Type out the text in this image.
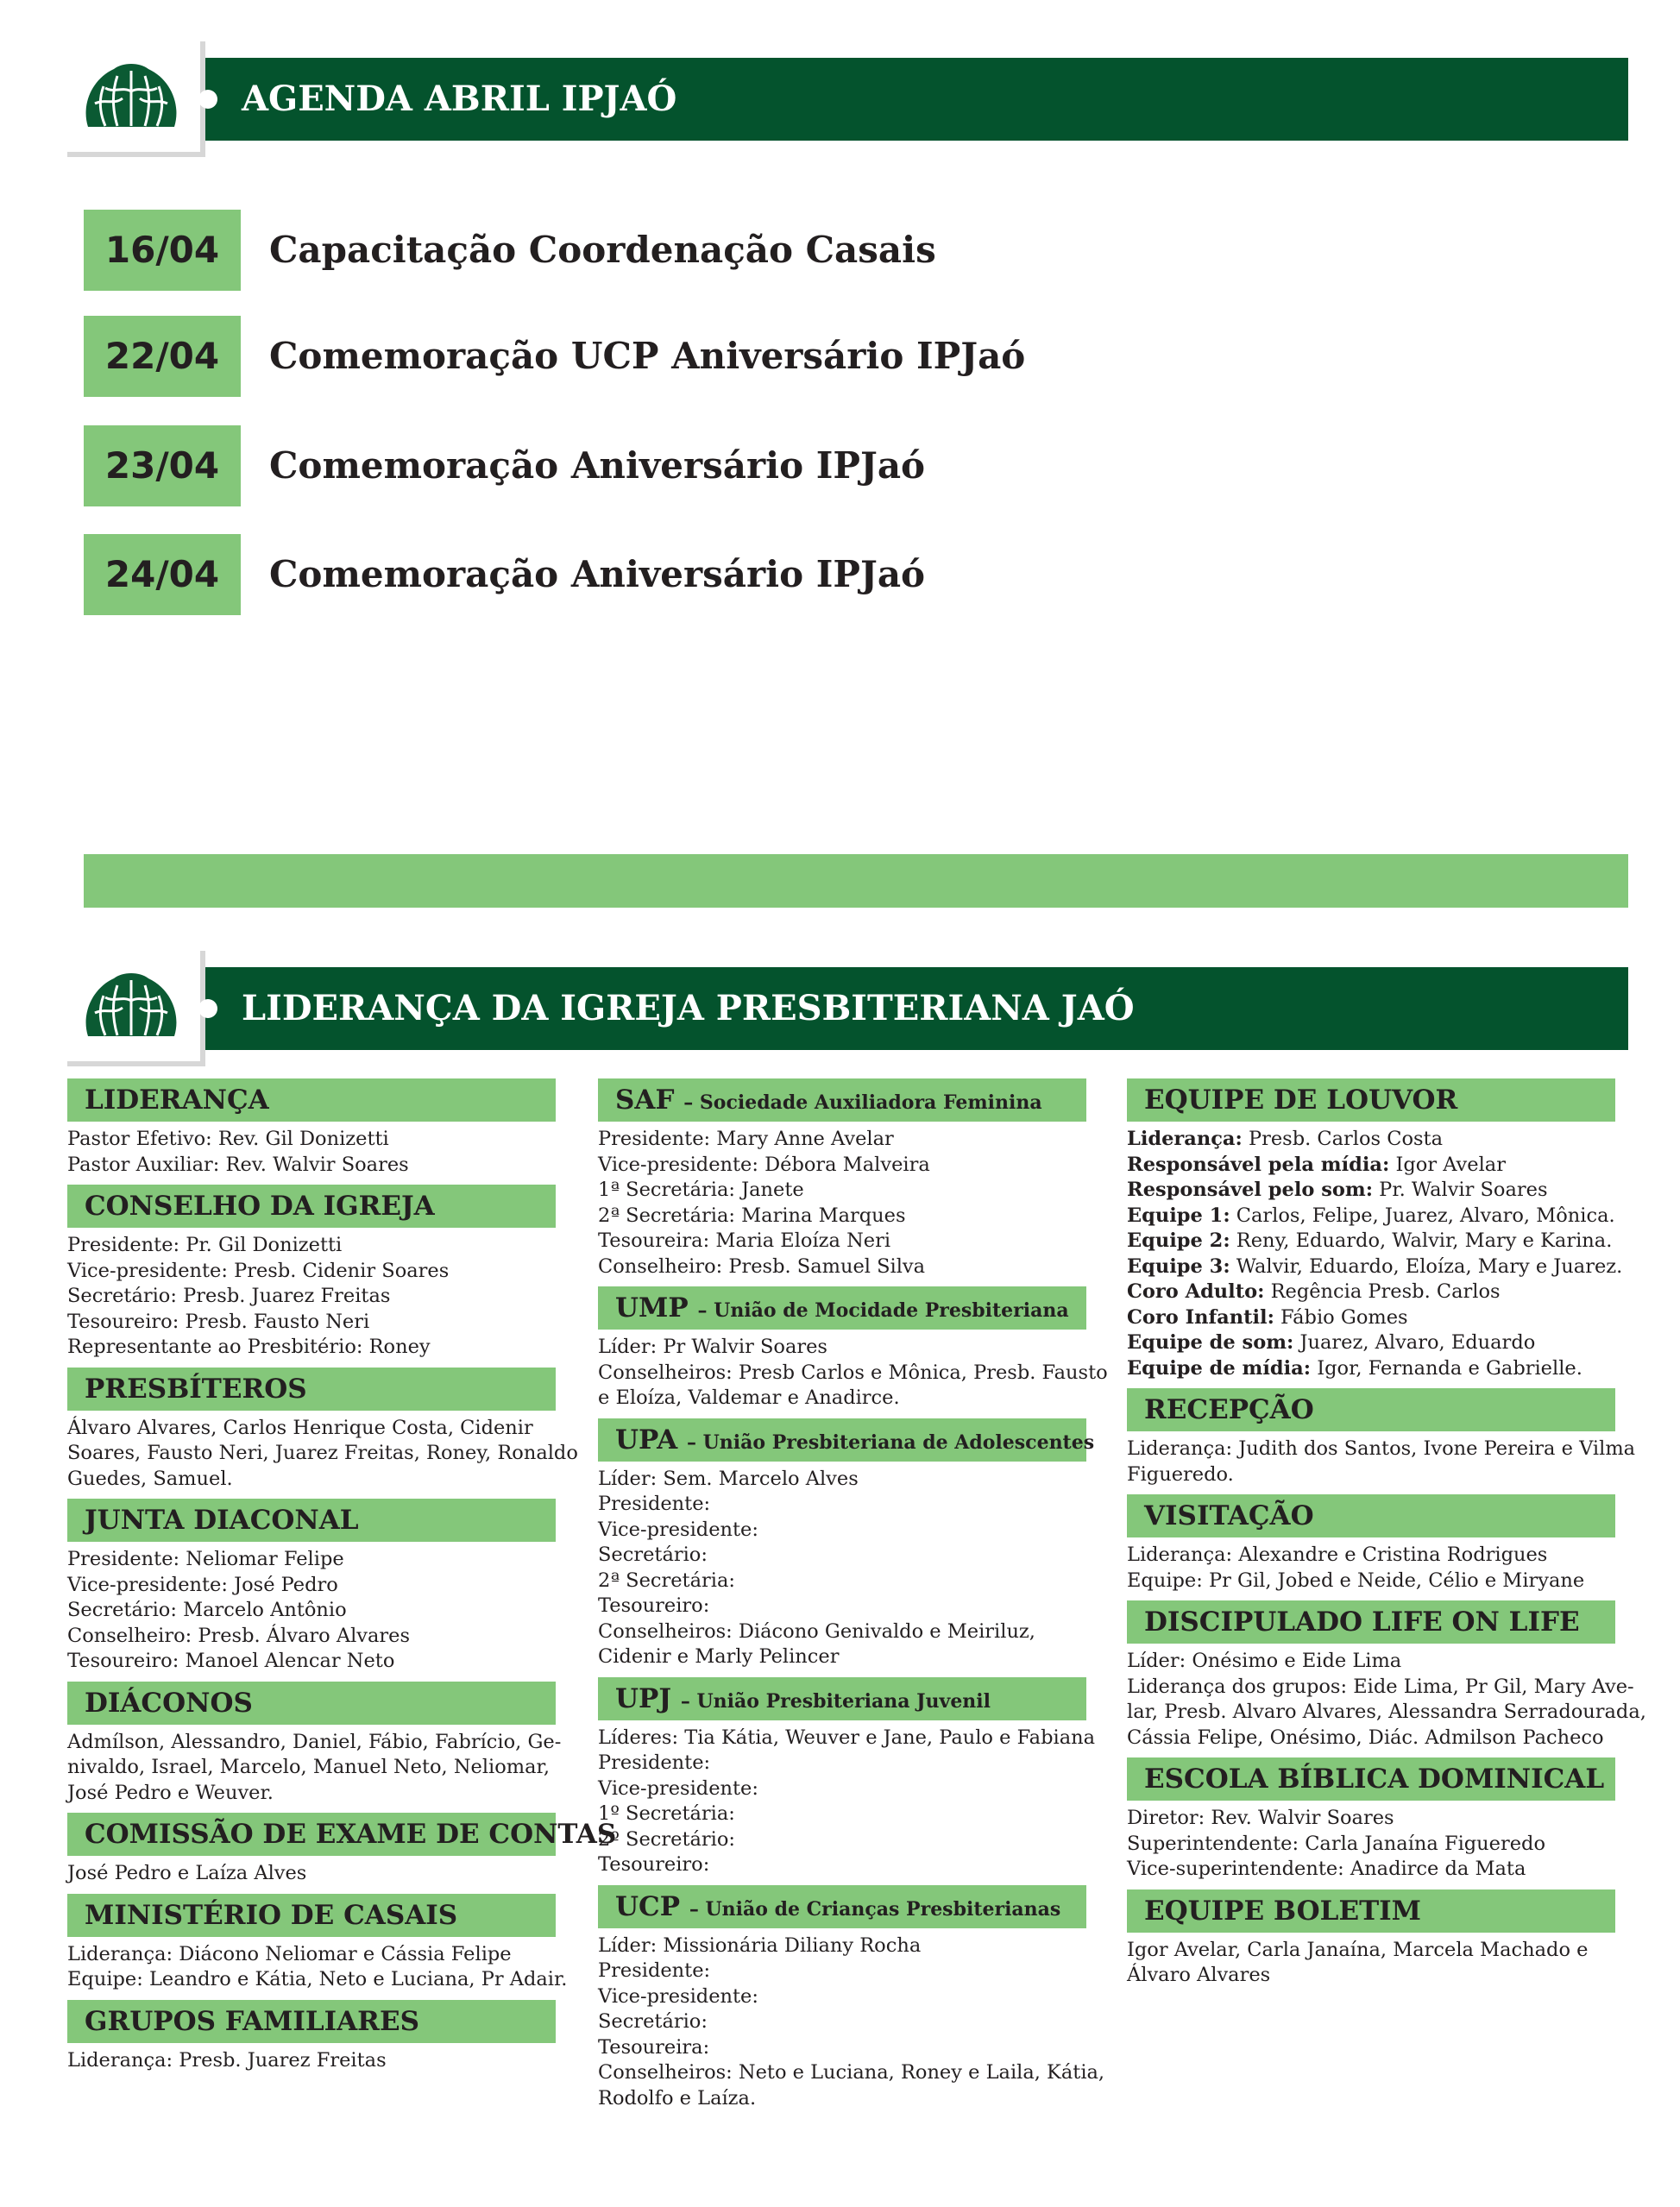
AGENDA ABRIL IPJAÓ
16/04	Capacitação Coordenação Casais
22/04	Comemoração UCP Aniversário IPJaó
23/04	Comemoração Aniversário IPJaó
24/04	Comemoração Aniversário IPJaó
LIDERANÇA DA IGREJA PRESBITERIANA JAÓ
LIDERANÇA
Pastor Efetivo: Rev. Gil Donizetti
Pastor Auxiliar: Rev. Walvir Soares
CONSELHO DA IGREJA
Presidente: Pr. Gil Donizetti
Vice-presidente: Presb. Cidenir Soares
Secretário: Presb. Juarez Freitas
Tesoureiro: Presb. Fausto Neri
Representante ao Presbitério: Roney
PRESBÍTEROS
Álvaro Alvares, Carlos Henrique Costa, Cidenir
Soares, Fausto Neri, Juarez Freitas, Roney, Ronaldo
Guedes, Samuel.
JUNTA DIACONAL
Presidente: Neliomar Felipe
Vice-presidente: José Pedro
Secretário: Marcelo Antônio
Conselheiro: Presb. Álvaro Alvares
Tesoureiro: Manoel Alencar Neto
DIÁCONOS
Admílson, Alessandro, Daniel, Fábio, Fabrício, Ge-
nivaldo, Israel, Marcelo, Manuel Neto, Neliomar,
José Pedro e Weuver.
COMISSÃO DE EXAME DE CONTAS
José Pedro e Laíza Alves
MINISTÉRIO DE CASAIS
Liderança: Diácono Neliomar e Cássia Felipe
Equipe: Leandro e Kátia, Neto e Luciana, Pr Adair.
GRUPOS FAMILIARES
Liderança: Presb. Juarez Freitas
SAF – Sociedade Auxiliadora Feminina
Presidente: Mary Anne Avelar
Vice-presidente: Débora Malveira
1ª Secretária: Janete
2ª Secretária: Marina Marques
Tesoureira: Maria Eloíza Neri
Conselheiro: Presb. Samuel Silva
UMP – União de Mocidade Presbiteriana
Líder: Pr Walvir Soares
Conselheiros: Presb Carlos e Mônica, Presb. Fausto
e Eloíza, Valdemar e Anadirce.
UPA – União Presbiteriana de Adolescentes
Líder: Sem. Marcelo Alves
Presidente:
Vice-presidente:
Secretário:
2ª Secretária:
Tesoureiro:
Conselheiros: Diácono Genivaldo e Meiriluz,
Cidenir e Marly Pelincer
UPJ – União Presbiteriana Juvenil
Líderes: Tia Kátia, Weuver e Jane, Paulo e Fabiana
Presidente:
Vice-presidente:
1º Secretária:
2º Secretário:
Tesoureiro:
UCP – União de Crianças Presbiterianas
Líder: Missionária Diliany Rocha
Presidente:
Vice-presidente:
Secretário:
Tesoureira:
Conselheiros: Neto e Luciana, Roney e Laila, Kátia,
Rodolfo e Laíza.
EQUIPE DE LOUVOR
Liderança: Presb. Carlos Costa
Responsável pela mídia: Igor Avelar
Responsável pelo som: Pr. Walvir Soares
Equipe 1: Carlos, Felipe, Juarez, Alvaro, Mônica.
Equipe 2: Reny, Eduardo, Walvir, Mary e Karina.
Equipe 3: Walvir, Eduardo, Eloíza, Mary e Juarez.
Coro Adulto: Regência Presb. Carlos
Coro Infantil: Fábio Gomes
Equipe de som: Juarez, Alvaro, Eduardo
Equipe de mídia: Igor, Fernanda e Gabrielle.
RECEPÇÃO
Liderança: Judith dos Santos, Ivone Pereira e Vilma
Figueredo.
VISITAÇÃO
Liderança: Alexandre e Cristina Rodrigues
Equipe: Pr Gil, Jobed e Neide, Célio e Miryane
DISCIPULADO LIFE ON LIFE
Líder: Onésimo e Eide Lima
Liderança dos grupos: Eide Lima, Pr Gil, Mary Ave-
lar, Presb. Alvaro Alvares, Alessandra Serradourada,
Cássia Felipe, Onésimo, Diác. Admilson Pacheco
ESCOLA BÍBLICA DOMINICAL
Diretor: Rev. Walvir Soares
Superintendente: Carla Janaína Figueredo
Vice-superintendente: Anadirce da Mata
EQUIPE BOLETIM
Igor Avelar, Carla Janaína, Marcela Machado e
Álvaro Alvares
